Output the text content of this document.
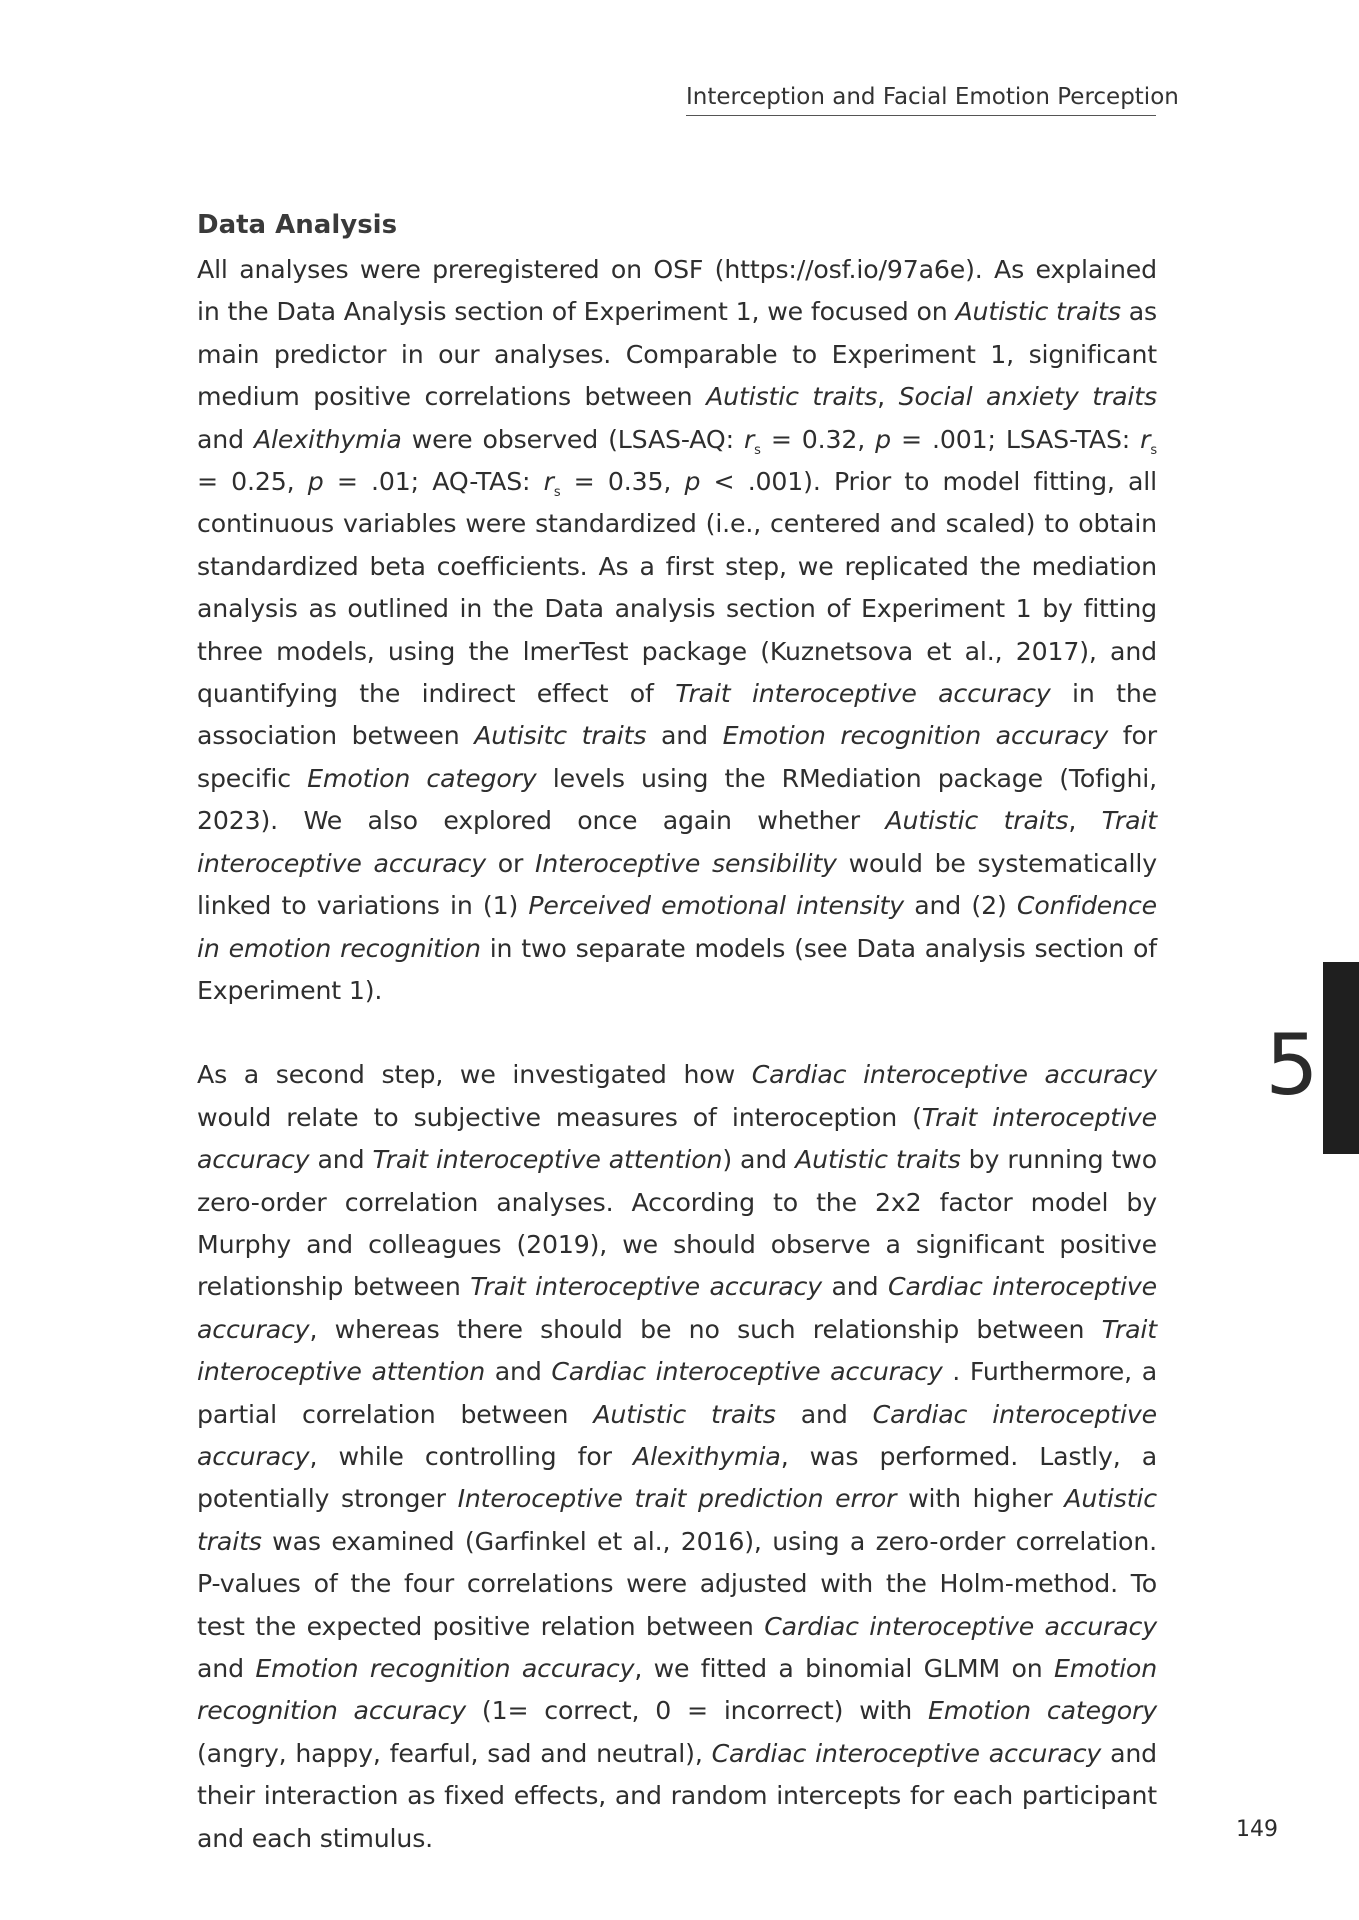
Interception and Facial Emotion Perception
Data Analysis

All analyses were preregistered on OSF (https://osf.io/97a6e). As explained in the Data Analysis section of Experiment 1, we focused on Autistic traits as main predictor in our analyses. Comparable to Experiment 1, significant medium positive correlations between Autistic traits, Social anxiety traits and Alexithymia were observed (LSAS-AQ: $r_s = 0.32$, p = .001; LSAS-TAS: $r_s = 0.25$, p = .01; AQ-TAS: $r_s = 0.35$, p < .001). Prior to model fitting, all continuous variables were standardized (i.e., centered and scaled) to obtain standardized beta coefficients. As a first step, we replicated the mediation analysis as outlined in the Data analysis section of Experiment 1 by fitting three models, using the lmerTest package (Kuznetsova et al., 2017), and quantifying the indirect effect of Trait interoceptive accuracy in the association between Autisitc traits and Emotion recognition accuracy for specific Emotion category levels using the RMediation package (Tofighi, 2023). We also explored once again whether Autistic traits, Trait interoceptive accuracy or Interoceptive sensibility would be systematically linked to variations in (1) Perceived emotional intensity and (2) Confidence in emotion recognition in two separate models (see Data analysis section of Experiment 1).

As a second step, we investigated how Cardiac interoceptive accuracy would relate to subjective measures of interoception (Trait interoceptive accuracy and Trait interoceptive attention) and Autistic traits by running two zero-order correlation analyses. According to the 2x2 factor model by Murphy and colleagues (2019), we should observe a significant positive relationship between Trait interoceptive accuracy and Cardiac interoceptive accuracy, whereas there should be no such relationship between Trait interoceptive attention and Cardiac interoceptive accuracy . Furthermore, a partial correlation between Autistic traits and Cardiac interoceptive accuracy, while controlling for Alexithymia, was performed. Lastly, a potentially stronger Interoceptive trait prediction error with higher Autistic traits was examined (Garfinkel et al., 2016), using a zero-order correlation. P-values of the four correlations were adjusted with the Holm-method. To test the expected positive relation between Cardiac interoceptive accuracy and Emotion recognition accuracy, we fitted a binomial GLMM on Emotion recognition accuracy (1= correct, 0 = incorrect) with Emotion category (angry, happy, fearful, sad and neutral), Cardiac interoceptive accuracy and their interaction as fixed effects, and random intercepts for each participant and each stimulus.

5
149
